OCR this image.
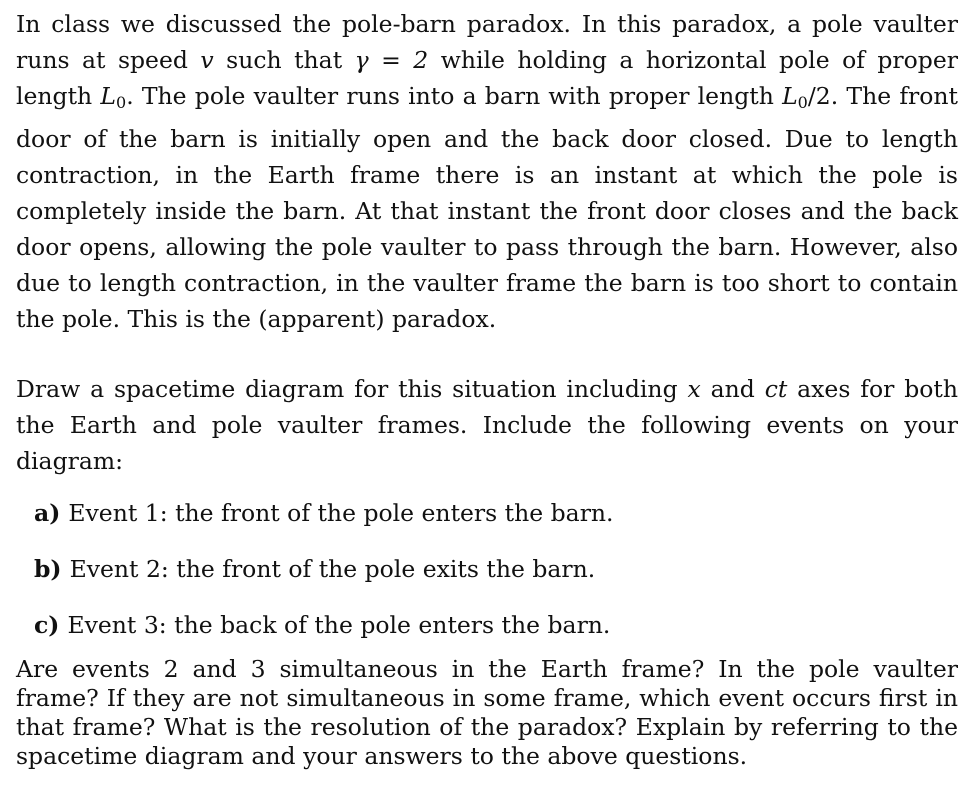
In class we discussed the pole-barn paradox. In this paradox, a pole vaulter runs at speed v such that γ = 2 while holding a horizontal pole of proper length $L_0$. The pole vaulter runs into a barn with proper length $L_0/2$. The front door of the barn is initially open and the back door closed. Due to length contraction, in the Earth frame there is an instant at which the pole is completely inside the barn. At that instant the front door closes and the back door opens, allowing the pole vaulter to pass through the barn. However, also due to length contraction, in the vaulter frame the barn is too short to contain the pole. This is the (apparent) paradox.

Draw a spacetime diagram for this situation including x and ct axes for both the Earth and pole vaulter frames. Include the following events on your diagram:

a) Event 1: the front of the pole enters the barn.
b) Event 2: the front of the pole exits the barn.
c) Event 3: the back of the pole enters the barn.

Are events 2 and 3 simultaneous in the Earth frame? In the pole vaulter frame? If they are not simultaneous in some frame, which event occurs first in that frame? What is the resolution of the paradox? Explain by referring to the spacetime diagram and your answers to the above questions.
